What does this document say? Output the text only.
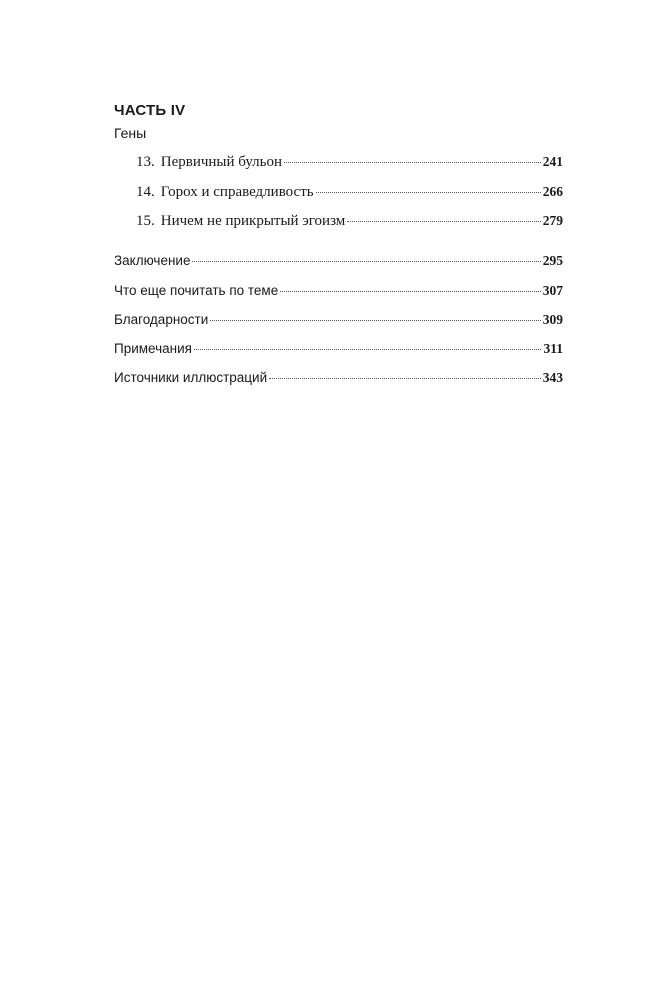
ЧАСТЬ IV
Гены
13. Первичный бульон	241
14. Горох и справедливость	266
15. Ничем не прикрытый эгоизм	279
Заключение	295
Что еще почитать по теме	307
Благодарности	309
Примечания	311
Источники иллюстраций	343
